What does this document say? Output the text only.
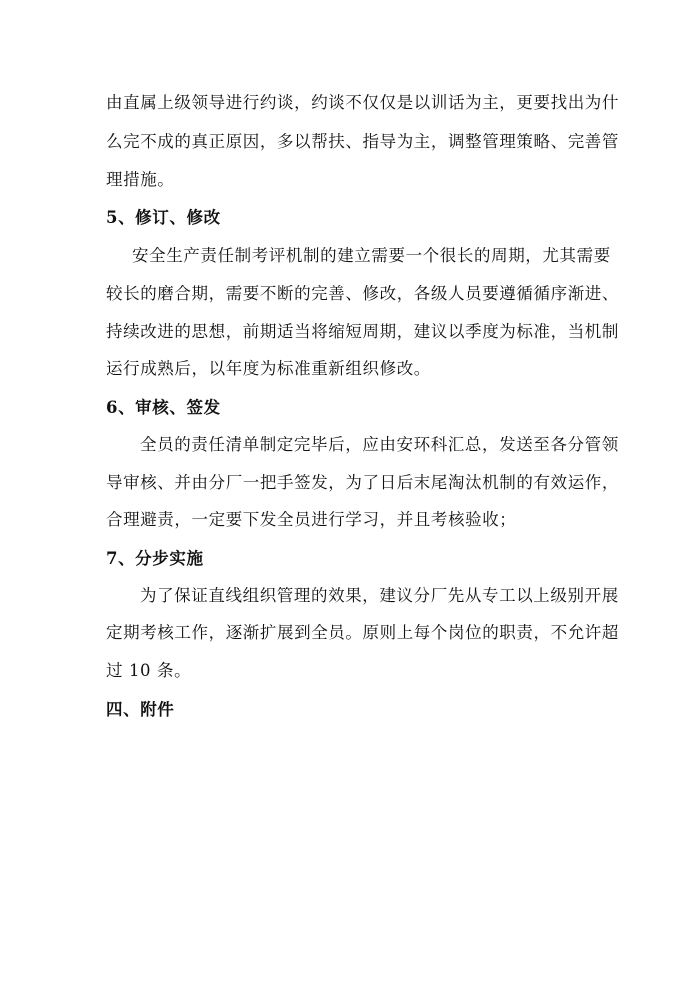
由直属上级领导进行约谈，约谈不仅仅是以训话为主，更要找出为什
么完不成的真正原因，多以帮扶、指导为主，调整管理策略、完善管
理措施。
5、修订、修改
安全生产责任制考评机制的建立需要一个很长的周期，尤其需要
较长的磨合期，需要不断的完善、修改，各级人员要遵循循序渐进、
持续改进的思想，前期适当将缩短周期，建议以季度为标准，当机制
运行成熟后，以年度为标准重新组织修改。
6、审核、签发
全员的责任清单制定完毕后，应由安环科汇总，发送至各分管领
导审核、并由分厂一把手签发，为了日后末尾淘汰机制的有效运作，
合理避责，一定要下发全员进行学习，并且考核验收；
7、分步实施
为了保证直线组织管理的效果，建议分厂先从专工以上级别开展
定期考核工作，逐渐扩展到全员。原则上每个岗位的职责，不允许超
过 10 条。
四、附件
